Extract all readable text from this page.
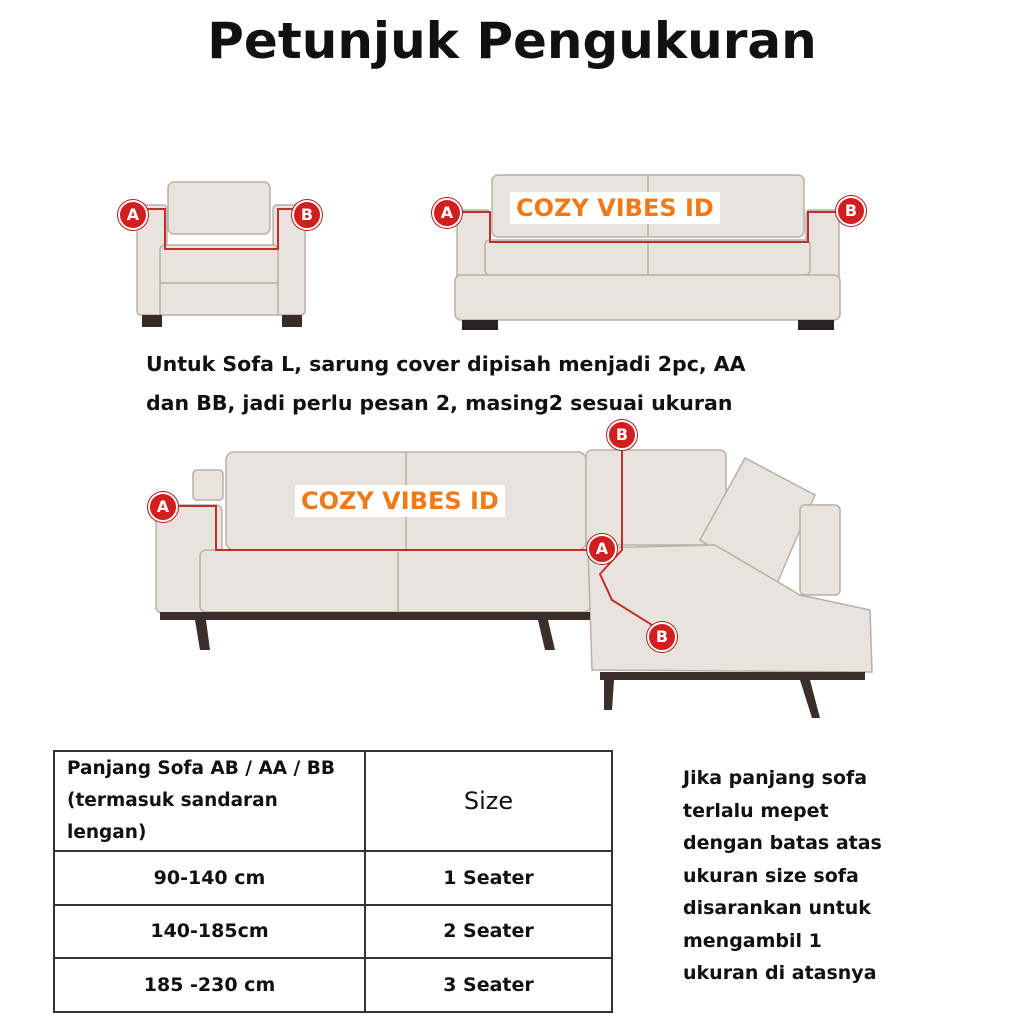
Petunjuk Pengukuran
A	B	A	B
A
A
B
B
COZY VIBES ID
COZY VIBES ID
Untuk Sofa L, sarung cover dipisah menjadi 2pc, AA
dan BB, jadi perlu pesan 2, masing2 sesuai ukuran
Panjang Sofa AB / AA / BB
(termasuk sandaran lengan)	Size
90-140 cm	1 Seater
140-185cm	2 Seater
185 -230 cm	3 Seater
Jika panjang sofa
terlalu mepet
dengan batas atas
ukuran size sofa
disarankan untuk
mengambil 1
ukuran di atasnya
